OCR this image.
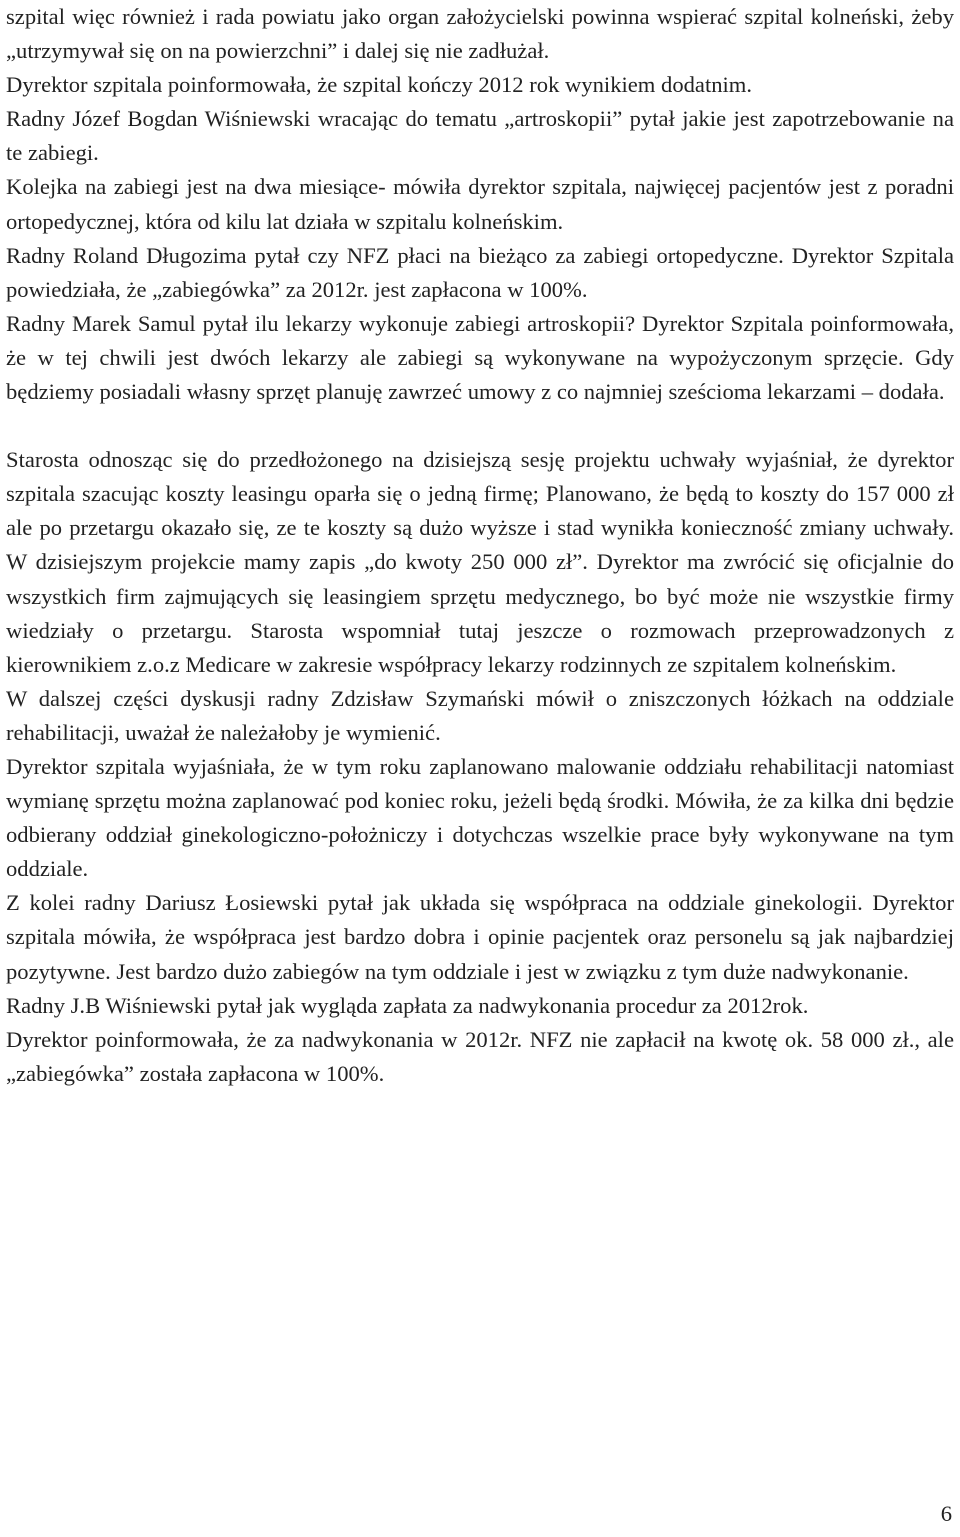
szpital więc również i rada powiatu jako organ założycielski powinna wspierać szpital kolneński, żeby „utrzymywał się on na powierzchni” i dalej się nie zadłużał.

Dyrektor szpitala poinformowała, że szpital kończy 2012 rok wynikiem dodatnim.

Radny Józef Bogdan Wiśniewski wracając do tematu „artroskopii” pytał jakie jest zapotrzebowanie na te zabiegi.

Kolejka na zabiegi jest na dwa miesiące- mówiła dyrektor szpitala, najwięcej pacjentów jest z poradni ortopedycznej, która od kilu lat działa w szpitalu kolneńskim.

Radny Roland Długozima pytał czy NFZ płaci na bieżąco za zabiegi ortopedyczne. Dyrektor Szpitala powiedziała, że „zabiegówka” za 2012r. jest zapłacona w 100%.

Radny Marek Samul pytał ilu lekarzy wykonuje zabiegi artroskopii? Dyrektor Szpitala poinformowała, że w tej chwili jest dwóch lekarzy ale zabiegi są wykonywane na wypożyczonym sprzęcie. Gdy będziemy posiadali własny sprzęt planuję zawrzeć umowy z co najmniej sześcioma lekarzami – dodała.

Starosta odnosząc się do przedłożonego na dzisiejszą sesję projektu uchwały wyjaśniał, że dyrektor szpitala szacując koszty leasingu oparła się o jedną firmę; Planowano, że będą to koszty do 157 000 zł ale po przetargu okazało się, ze te koszty są dużo wyższe i stad wynikła konieczność zmiany uchwały. W dzisiejszym projekcie mamy zapis „do kwoty 250 000 zł”. Dyrektor ma zwrócić się oficjalnie do wszystkich firm zajmujących się leasingiem sprzętu medycznego, bo być może nie wszystkie firmy wiedziały o przetargu. Starosta wspomniał tutaj jeszcze o rozmowach przeprowadzonych z kierownikiem z.o.z Medicare w zakresie współpracy lekarzy rodzinnych ze szpitalem kolneńskim.

W dalszej części dyskusji radny Zdzisław Szymański mówił o zniszczonych łóżkach na oddziale rehabilitacji, uważał że należałoby je wymienić.

Dyrektor szpitala wyjaśniała, że w tym roku zaplanowano malowanie oddziału rehabilitacji natomiast wymianę sprzętu można zaplanować pod koniec roku, jeżeli będą środki. Mówiła, że za kilka dni będzie odbierany oddział ginekologiczno-położniczy i dotychczas wszelkie prace były wykonywane na tym oddziale.

Z kolei radny Dariusz Łosiewski pytał jak układa się współpraca na oddziale ginekologii. Dyrektor szpitala mówiła, że współpraca jest bardzo dobra i opinie pacjentek oraz personelu są jak najbardziej pozytywne. Jest bardzo dużo zabiegów na tym oddziale i jest w związku z tym duże nadwykonanie.

Radny J.B Wiśniewski pytał jak wygląda zapłata za nadwykonania procedur za 2012rok.

Dyrektor poinformowała, że za nadwykonania w 2012r. NFZ nie zapłacił na kwotę ok. 58 000 zł., ale „zabiegówka” została zapłacona w 100%.

6
